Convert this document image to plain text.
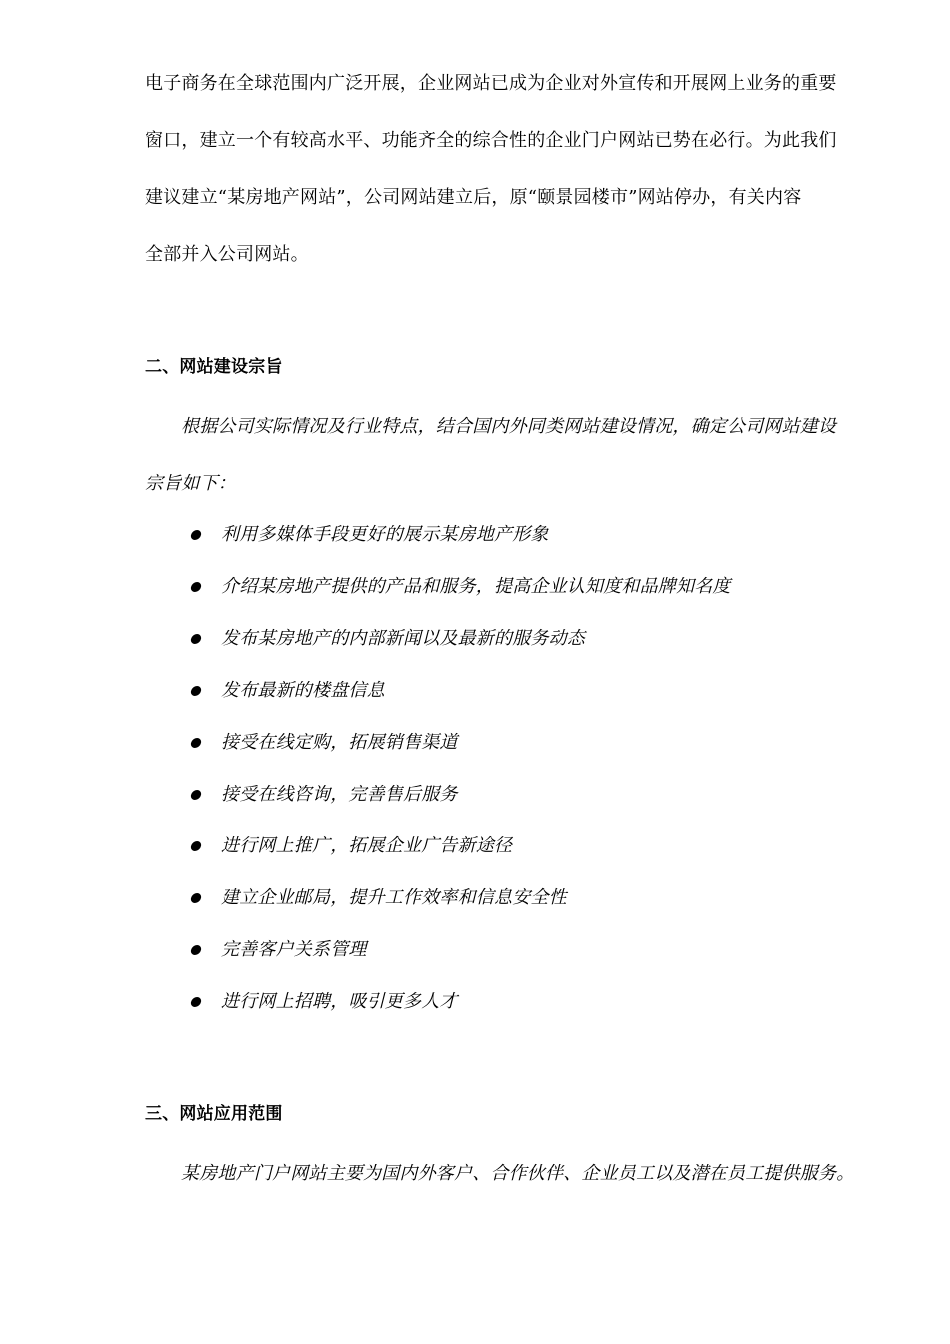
电子商务在全球范围内广泛开展，企业网站已成为企业对外宣传和开展网上业务的重要
窗口，建立一个有较高水平、功能齐全的综合性的企业门户网站已势在必行。为此我们
建议建立“某房地产网站”，公司网站建立后，原“颐景园楼市”网站停办，有关内容
全部并入公司网站。
二、网站建设宗旨
根据公司实际情况及行业特点，结合国内外同类网站建设情况，确定公司网站建设
宗旨如下：
利用多媒体手段更好的展示某房地产形象
介绍某房地产提供的产品和服务，提高企业认知度和品牌知名度
发布某房地产的内部新闻以及最新的服务动态
发布最新的楼盘信息
接受在线定购，拓展销售渠道
接受在线咨询，完善售后服务
进行网上推广，拓展企业广告新途径
建立企业邮局，提升工作效率和信息安全性
完善客户关系管理
进行网上招聘，吸引更多人才
三、网站应用范围
某房地产门户网站主要为国内外客户、合作伙伴、企业员工以及潜在员工提供服务。
